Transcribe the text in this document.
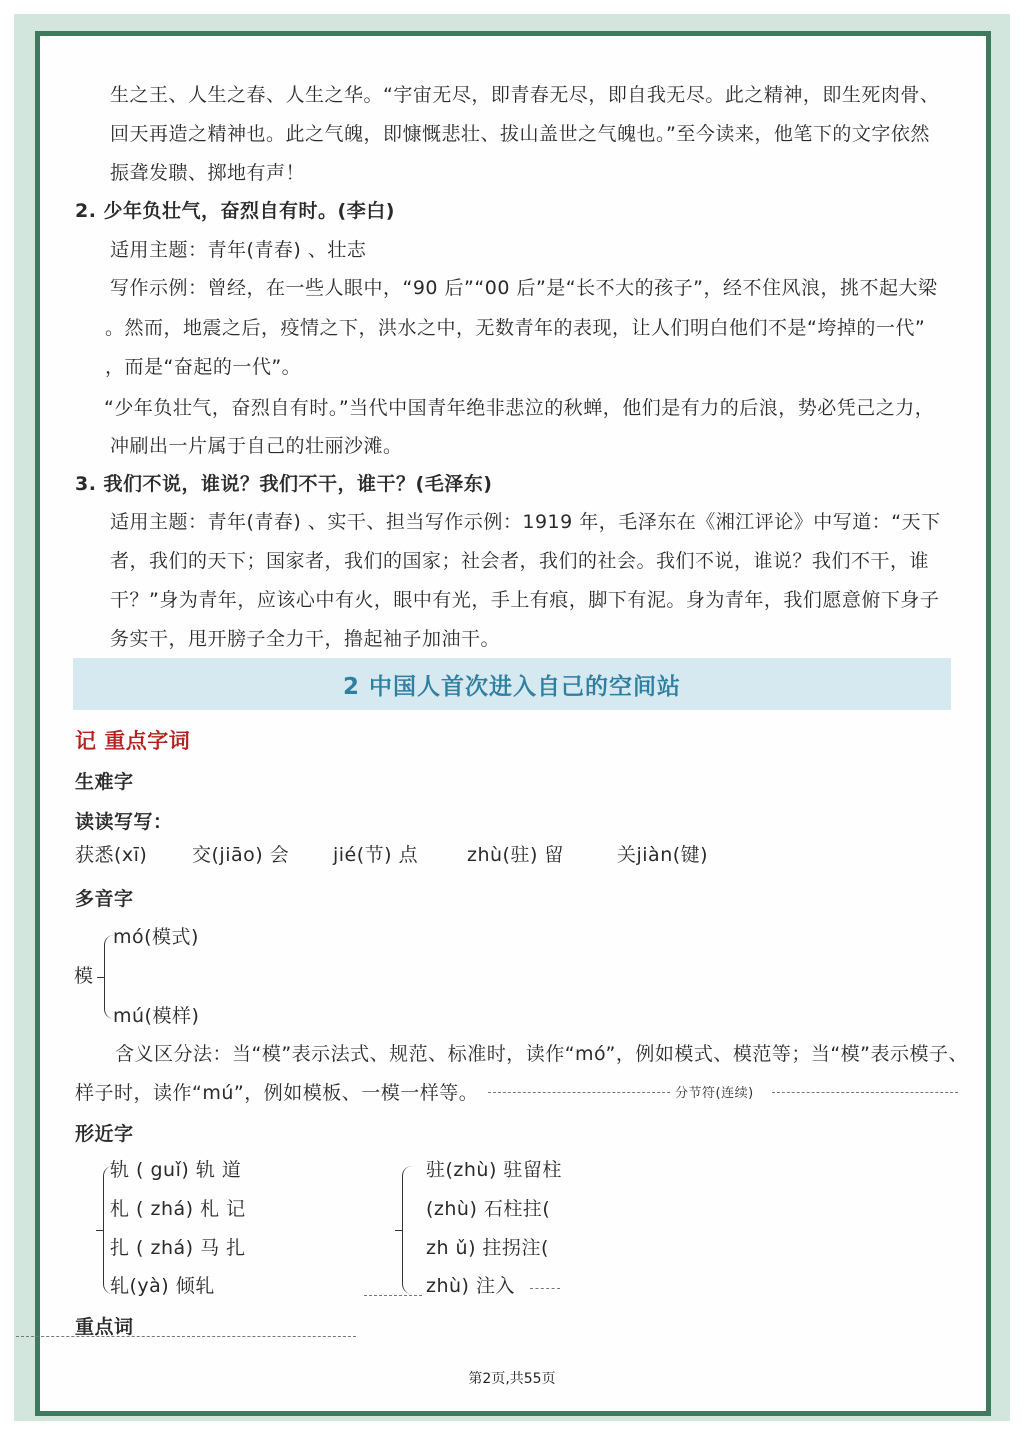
生之王、人生之春、人生之华。“宇宙无尽，即青春无尽，即自我无尽。此之精神，即生死肉骨、
回天再造之精神也。此之气魄，即慷慨悲壮、拔山盖世之气魄也。”至今读来，他笔下的文字依然
振聋发聩、掷地有声！
2. 少年负壮气，奋烈自有时。(李白)
适用主题：青年(青春) 、壮志
写作示例：曾经，在一些人眼中，“90 后”“00 后”是“长不大的孩子”，经不住风浪，挑不起大梁
。然而，地震之后，疫情之下，洪水之中，无数青年的表现，让人们明白他们不是“垮掉的一代”
，而是“奋起的一代”。
“少年负壮气，奋烈自有时。”当代中国青年绝非悲泣的秋蝉，他们是有力的后浪，势必凭己之力，
冲刷出一片属于自己的壮丽沙滩。
3. 我们不说，谁说？我们不干，谁干？(毛泽东)
适用主题：青年(青春) 、实干、担当写作示例：1919 年，毛泽东在《湘江评论》中写道：“天下
者，我们的天下；国家者，我们的国家；社会者，我们的社会。我们不说，谁说？我们不干，谁
干？”身为青年，应该心中有火，眼中有光，手上有痕，脚下有泥。身为青年，我们愿意俯下身子
务实干，甩开膀子全力干，撸起袖子加油干。
2 中国人首次进入自己的空间站
记 重点字词
生难字
读读写写：
获悉(xī) 交(jiāo) 会 jié(节) 点	zhù(驻) 留	关jiàn(键)
多音字
模
mó(模式)
mú(模样)
含义区分法：当“模”表示法式、规范、标准时，读作“mó”，例如模式、模范等；当“模”表示模子、
样子时，读作“mú”，例如模板、一模一样等。	分节符(连续)
形近字
轨 ( guǐ) 轨 道
札 ( zhá) 札 记
扎 ( zhá) 马 扎
轧(yà) 倾轧
驻(zhù) 驻留柱
(zhù) 石柱拄(
zh ǔ) 拄拐注(
zhù) 注入
重点词
第2页,共55页
